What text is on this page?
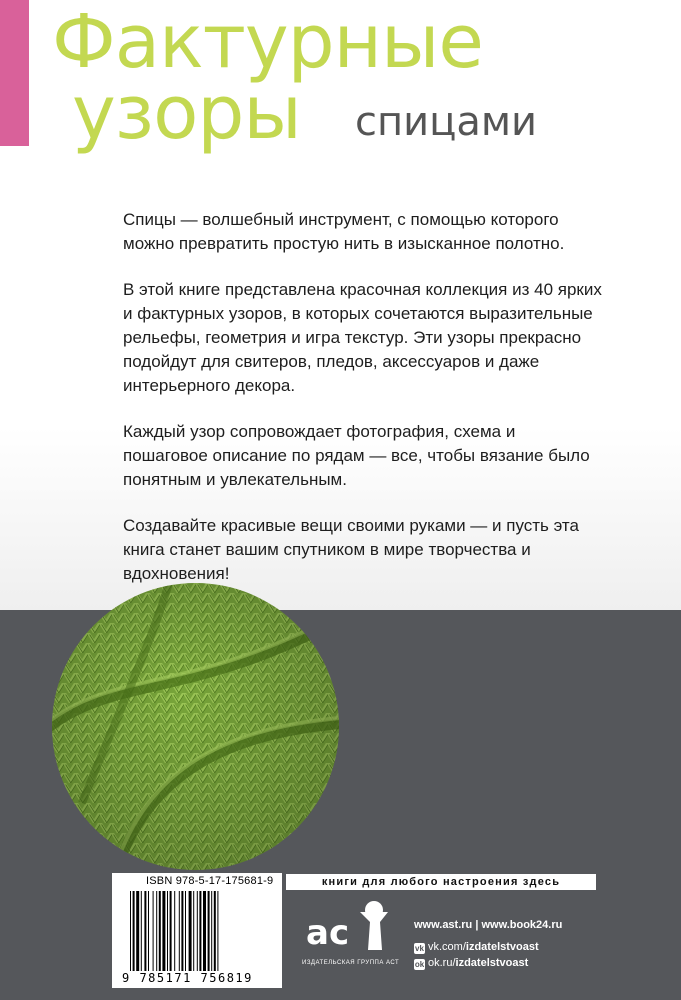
Фактурные
узоры спицами

Спицы — волшебный инструмент, с помощью которого можно превратить простую нить в изысканное полотно.

В этой книге представлена красочная коллекция из 40 ярких и фактурных узоров, в которых сочетаются выразительные рельефы, геометрия и игра текстур. Эти узоры прекрасно подойдут для свитеров, пледов, аксессуаров и даже интерьерного декора.

Каждый узор сопровождает фотография, схема и пошаговое описание по рядам — все, чтобы вязание было понятным и увлекательным.

Создавайте красивые вещи своими руками — и пусть эта книга станет вашим спутником в мире творчества и вдохновения!

книги для любого настроения здесь
ISBN 978-5-17-175681-9
9 785171 756819
ас
ИЗДАТЕЛЬСКАЯ ГРУППА АСТ
www.ast.ru | www.book24.ru
vk vk.com/izdatelstvoast
ok ok.ru/izdatelstvoast
